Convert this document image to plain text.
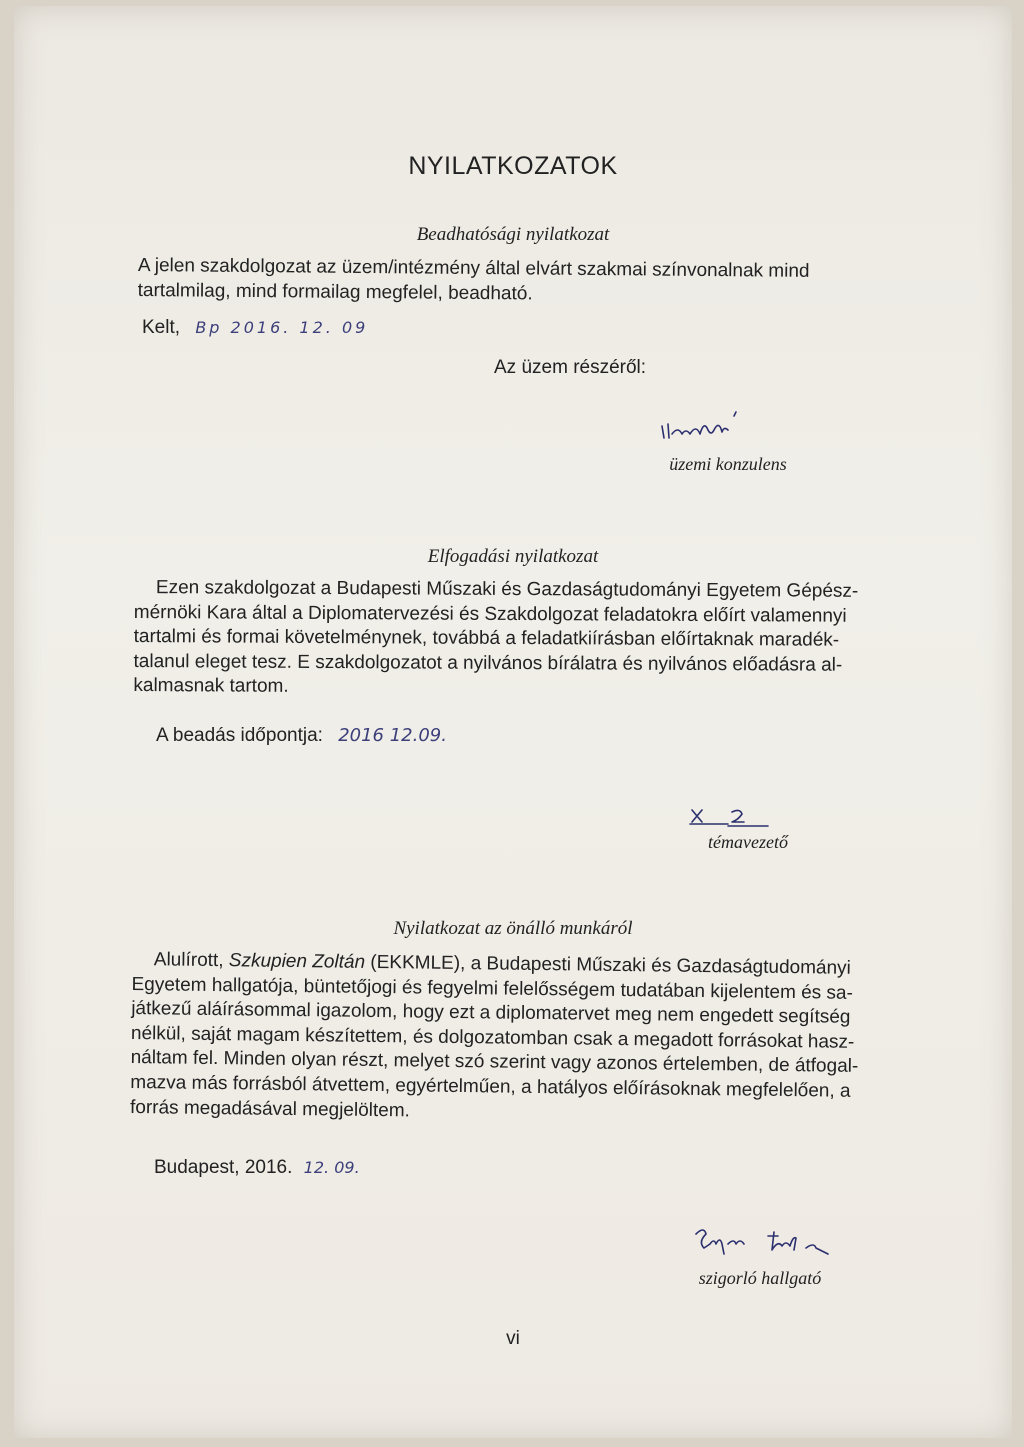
NYILATKOZATOK
Beadhatósági nyilatkozat
A jelen szakdolgozat az üzem/intézmény által elvárt szakmai színvonalnak mind
tartalmilag, mind formailag megfelel, beadható.
Kelt, Bp 2016. 12. 09
Az üzem részéről:
üzemi konzulens
Elfogadási nyilatkozat
Ezen szakdolgozat a Budapesti Műszaki és Gazdaságtudományi Egyetem Gépész-
mérnöki Kara által a Diplomatervezési és Szakdolgozat feladatokra előírt valamennyi
tartalmi és formai követelménynek, továbbá a feladatkiírásban előírtaknak maradék-
talanul eleget tesz. E szakdolgozatot a nyilvános bírálatra és nyilvános előadásra al-
kalmasnak tartom.
A beadás időpontja: 2016 12.09.
témavezető
Nyilatkozat az önálló munkáról
Alulírott, Szkupien Zoltán (EKKMLE), a Budapesti Műszaki és Gazdaságtudományi
Egyetem hallgatója, büntetőjogi és fegyelmi felelősségem tudatában kijelentem és sa-
játkezű aláírásommal igazolom, hogy ezt a diplomatervet meg nem engedett segítség
nélkül, saját magam készítettem, és dolgozatomban csak a megadott forrásokat hasz-
náltam fel. Minden olyan részt, melyet szó szerint vagy azonos értelemben, de átfogal-
mazva más forrásból átvettem, egyértelműen, a hatályos előírásoknak megfelelően, a
forrás megadásával megjelöltem.
Budapest, 2016. 12. 09.
szigorló hallgató
vi
